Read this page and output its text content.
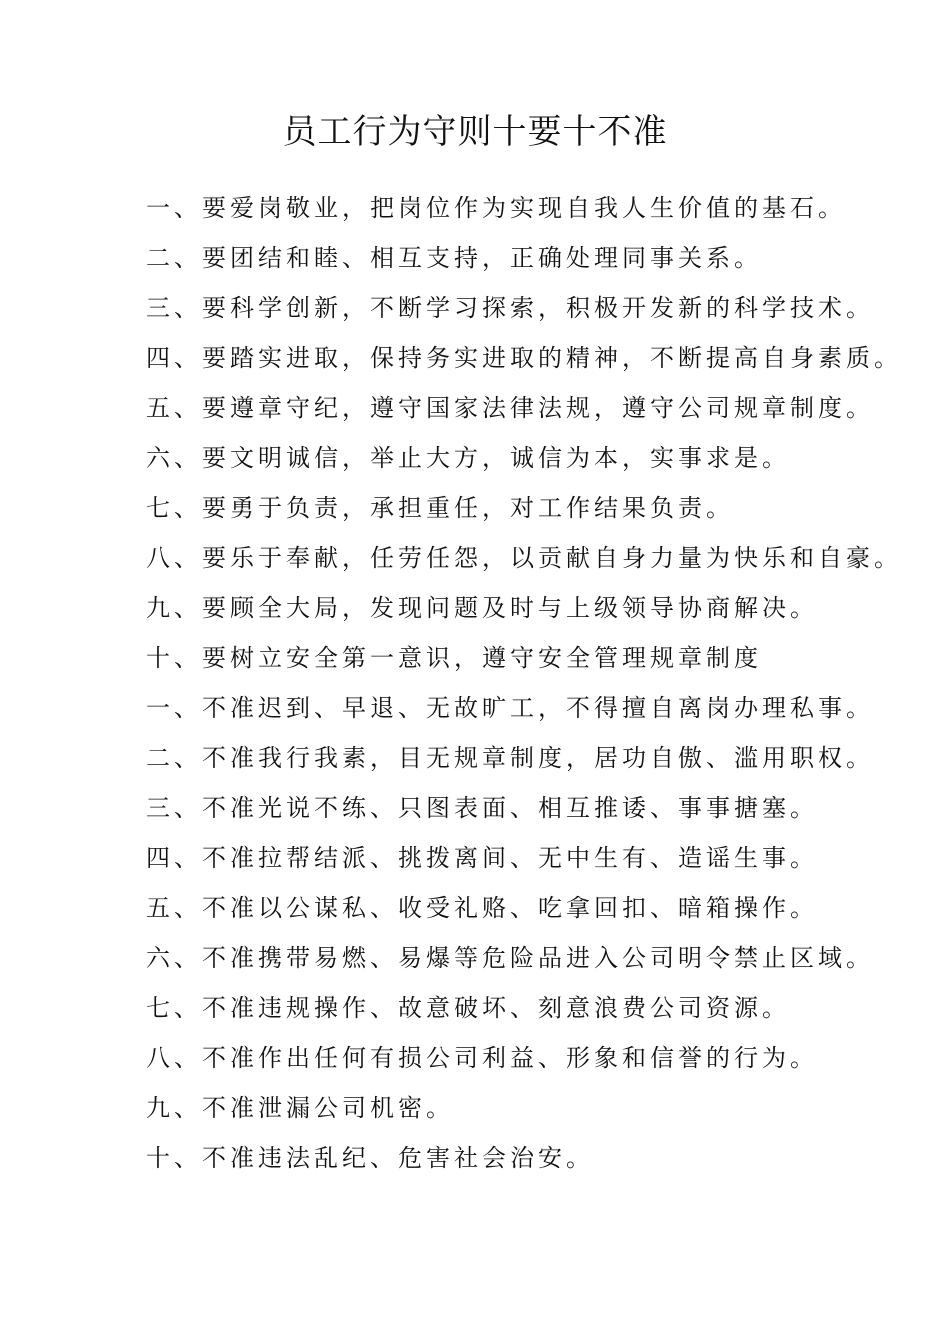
员工行为守则十要十不准
一、要爱岗敬业，把岗位作为实现自我人生价值的基石。
二、要团结和睦、相互支持，正确处理同事关系。
三、要科学创新，不断学习探索，积极开发新的科学技术。
四、要踏实进取，保持务实进取的精神，不断提高自身素质。
五、要遵章守纪，遵守国家法律法规，遵守公司规章制度。
六、要文明诚信，举止大方，诚信为本，实事求是。
七、要勇于负责，承担重任，对工作结果负责。
八、要乐于奉献，任劳任怨，以贡献自身力量为快乐和自豪。
九、要顾全大局，发现问题及时与上级领导协商解决。
十、要树立安全第一意识，遵守安全管理规章制度
一、不准迟到、早退、无故旷工，不得擅自离岗办理私事。
二、不准我行我素，目无规章制度，居功自傲、滥用职权。
三、不准光说不练、只图表面、相互推诿、事事搪塞。
四、不准拉帮结派、挑拨离间、无中生有、造谣生事。
五、不准以公谋私、收受礼赂、吃拿回扣、暗箱操作。
六、不准携带易燃、易爆等危险品进入公司明令禁止区域。
七、不准违规操作、故意破坏、刻意浪费公司资源。
八、不准作出任何有损公司利益、形象和信誉的行为。
九、不准泄漏公司机密。
十、不准违法乱纪、危害社会治安。
